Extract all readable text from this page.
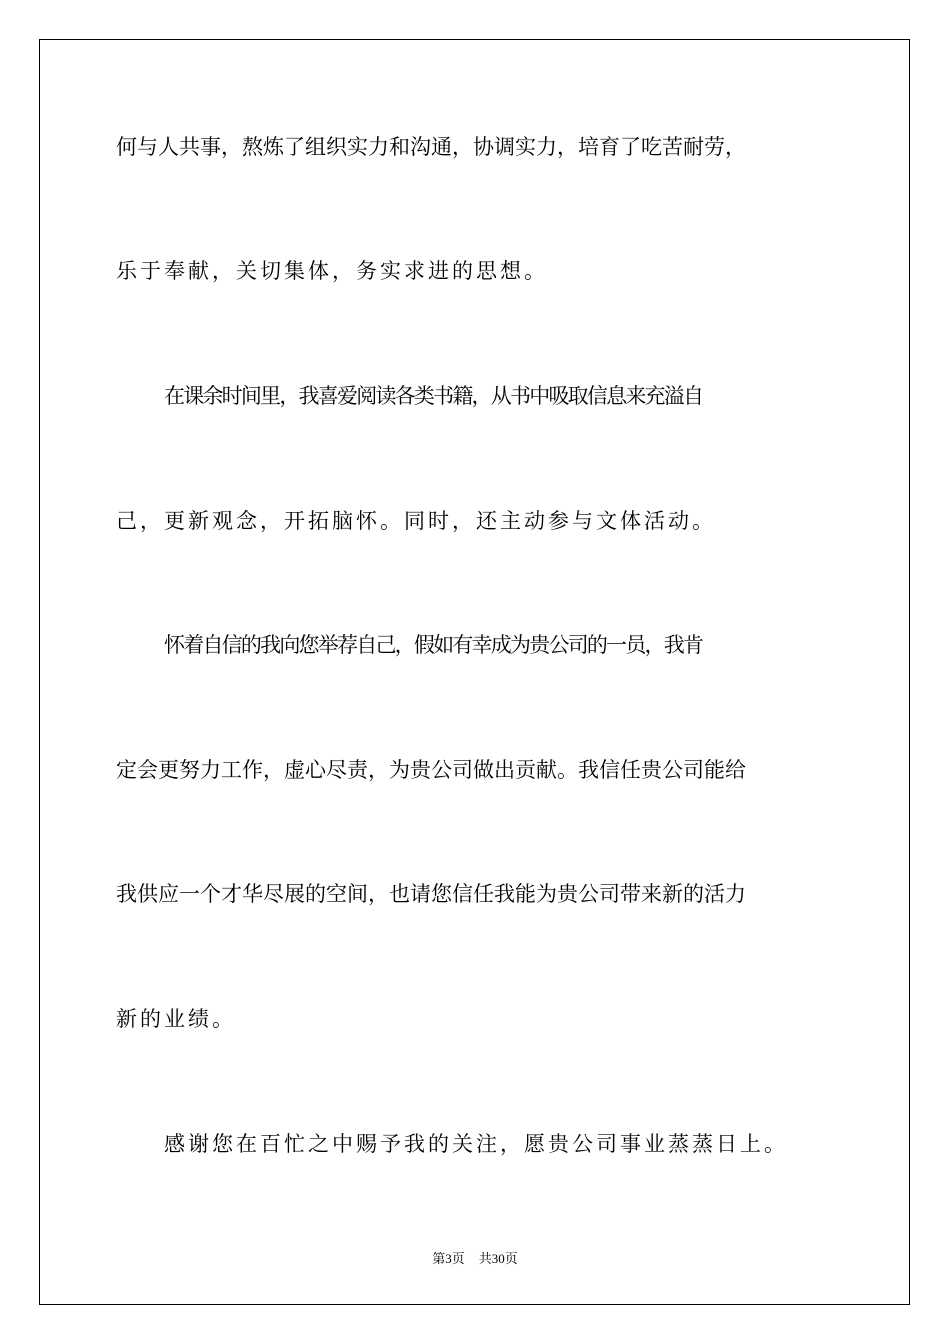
何与人共事，熬炼了组织实力和沟通，协调实力，培育了吃苦耐劳，
乐于奉献，关切集体，务实求进的思想。
在课余时间里，我喜爱阅读各类书籍，从书中吸取信息来充溢自
己，更新观念，开拓脑怀。同时，还主动参与文体活动。
怀着自信的我向您举荐自己，假如有幸成为贵公司的一员，我肯
定会更努力工作，虚心尽责，为贵公司做出贡献。我信任贵公司能给
我供应一个才华尽展的空间，也请您信任我能为贵公司带来新的活力
新的业绩。
感谢您在百忙之中赐予我的关注，愿贵公司事业蒸蒸日上。
第3页 共30页
